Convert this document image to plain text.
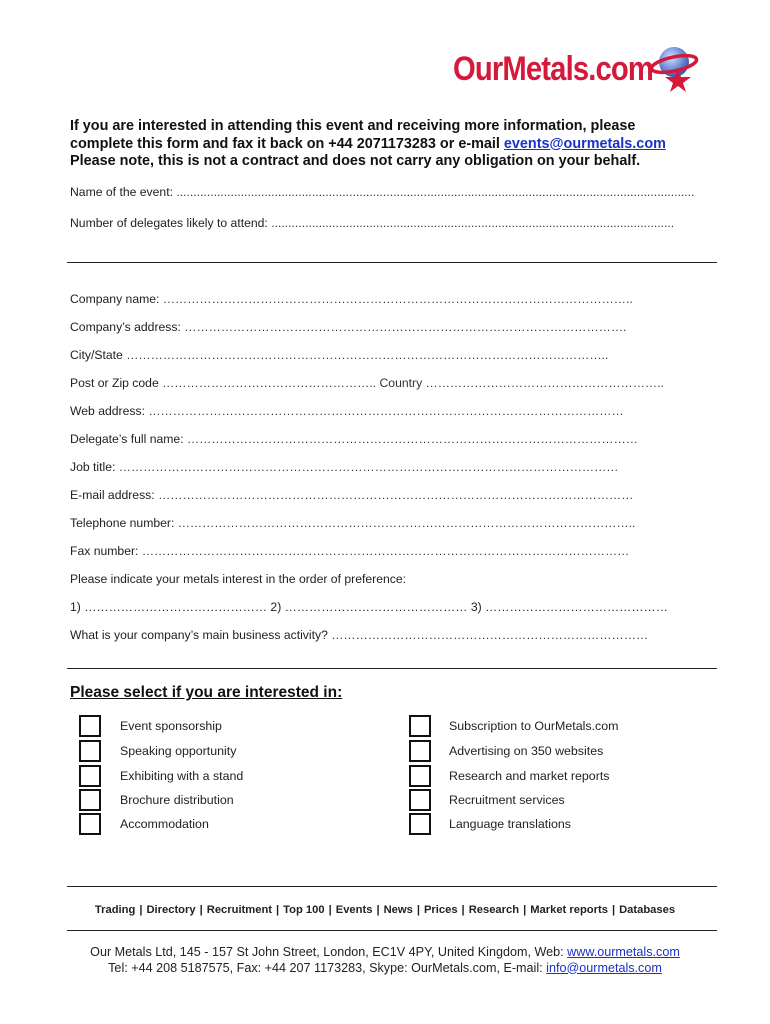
OurMetals.com
If you are interested in attending this event and receiving more information, please
complete this form and fax it back on +44 2071173283 or e-mail events@ourmetals.com
Please note, this is not a contract and does not carry any obligation on your behalf.
Name of the event: .........................................................................................................................................................
Number of delegates likely to attend: .......................................................................................................................
Company name: ……………………………………………………………………………………………………..
Company’s address: ……………………………………………………………………………………………….
City/State ………………………………………………………………………………………………………..
Post or Zip code …………………………………………….. Country …………………………………………………..
Web address: ………………………………………………………………………………………………………
Delegate’s full name: …………………………………………………………………………………………………
Job title: ……………………………………………………………………………………………………………
E-mail address: ………………………………………………………………………………………………………
Telephone number: …………………………………………………………………………………………………..
Fax number: …………………………………………………………………………………………………………
Please indicate your metals interest in the order of preference:
1) ……………………………………… 2) ……………………………………… 3) ………………………………………
What is your company’s main business activity? ……………………………………………………………………
Please select if you are interested in:
Event sponsorship
Speaking opportunity
Exhibiting with a stand
Brochure distribution
Accommodation
Subscription to OurMetals.com
Advertising on 350 websites
Research and market reports
Recruitment services
Language translations
Trading | Directory | Recruitment | Top 100 | Events | News | Prices | Research | Market reports | Databases
Our Metals Ltd, 145 - 157 St John Street, London, EC1V 4PY, United Kingdom, Web: www.ourmetals.com
Tel: +44 208 5187575, Fax: +44 207 1173283, Skype: OurMetals.com, E-mail: info@ourmetals.com
